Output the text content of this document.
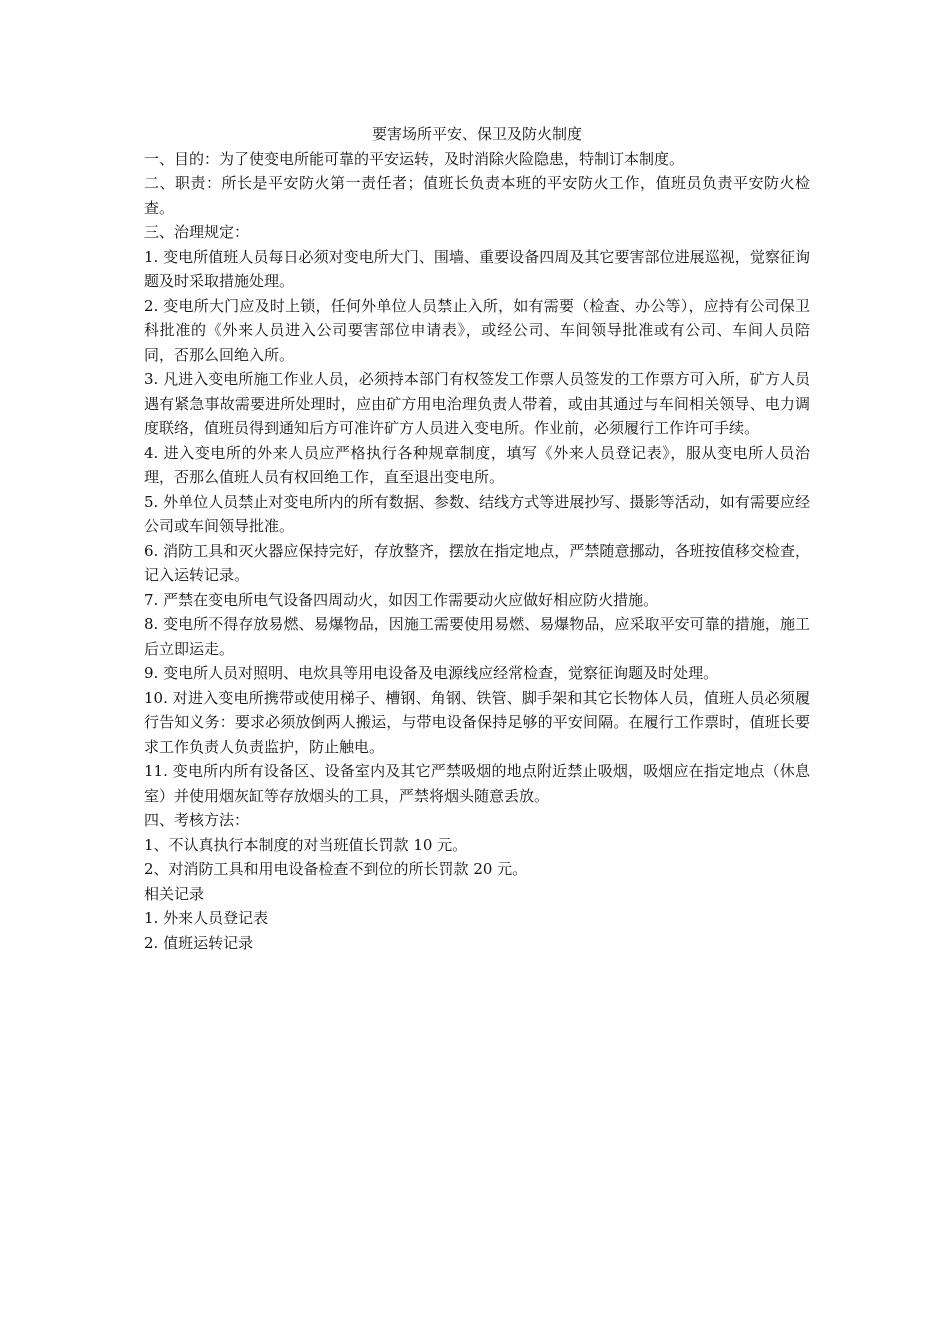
要害场所平安、保卫及防火制度

一、目的：为了使变电所能可靠的平安运转，及时消除火险隐患，特制订本制度。

二、职责：所长是平安防火第一责任者；值班长负责本班的平安防火工作，值班员负责平安防火检查。

三、治理规定：

1. 变电所值班人员每日必须对变电所大门、围墙、重要设备四周及其它要害部位进展巡视，觉察征询题及时采取措施处理。

2. 变电所大门应及时上锁，任何外单位人员禁止入所，如有需要（检查、办公等），应持有公司保卫科批准的《外来人员进入公司要害部位申请表》，或经公司、车间领导批准或有公司、车间人员陪同，否那么回绝入所。

3. 凡进入变电所施工作业人员，必须持本部门有权签发工作票人员签发的工作票方可入所，矿方人员遇有紧急事故需要进所处理时，应由矿方用电治理负责人带着，或由其通过与车间相关领导、电力调度联络，值班员得到通知后方可准许矿方人员进入变电所。作业前，必须履行工作许可手续。

4. 进入变电所的外来人员应严格执行各种规章制度，填写《外来人员登记表》，服从变电所人员治理，否那么值班人员有权回绝工作，直至退出变电所。

5. 外单位人员禁止对变电所内的所有数据、参数、结线方式等进展抄写、摄影等活动，如有需要应经公司或车间领导批准。

6. 消防工具和灭火器应保持完好，存放整齐，摆放在指定地点，严禁随意挪动，各班按值移交检查，记入运转记录。

7. 严禁在变电所电气设备四周动火，如因工作需要动火应做好相应防火措施。

8. 变电所不得存放易燃、易爆物品，因施工需要使用易燃、易爆物品，应采取平安可靠的措施，施工后立即运走。

9. 变电所人员对照明、电炊具等用电设备及电源线应经常检查，觉察征询题及时处理。

10. 对进入变电所携带或使用梯子、槽钢、角钢、铁管、脚手架和其它长物体人员，值班人员必须履行告知义务：要求必须放倒两人搬运，与带电设备保持足够的平安间隔。在履行工作票时，值班长要求工作负责人负责监护，防止触电。

11. 变电所内所有设备区、设备室内及其它严禁吸烟的地点附近禁止吸烟，吸烟应在指定地点（休息室）并使用烟灰缸等存放烟头的工具，严禁将烟头随意丢放。

四、考核方法：

1、不认真执行本制度的对当班值长罚款 10 元。

2、对消防工具和用电设备检查不到位的所长罚款 20 元。

相关记录

1. 外来人员登记表

2. 值班运转记录
